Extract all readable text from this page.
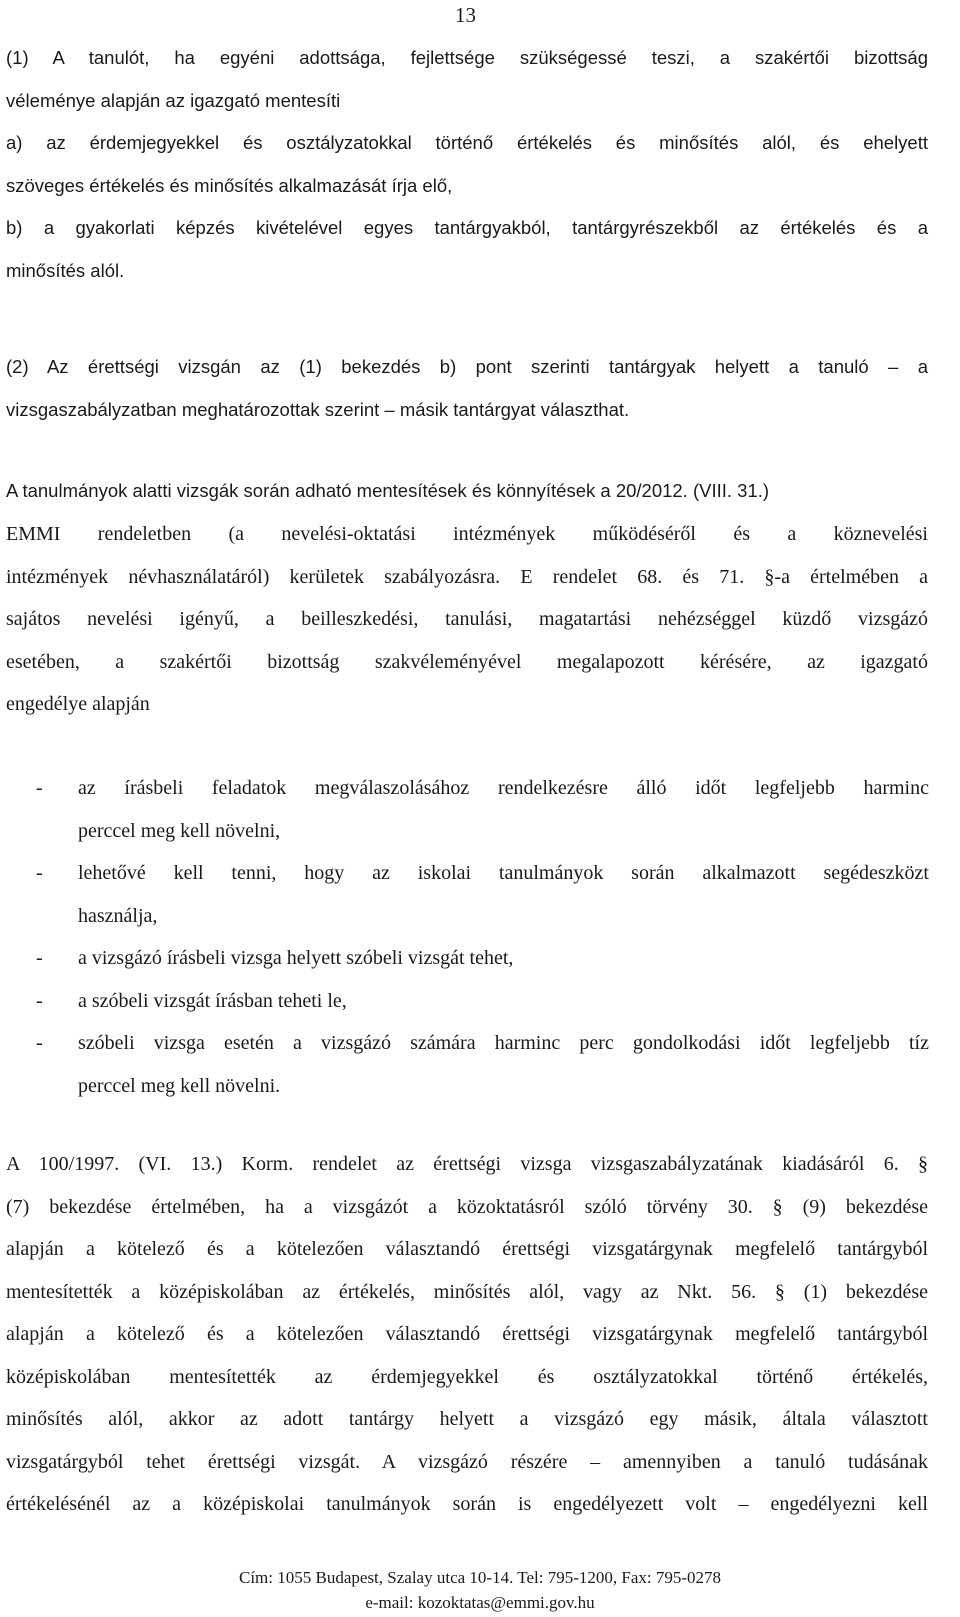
13
(1) A tanulót, ha egyéni adottsága, fejlettsége szükségessé teszi, a szakértői bizottság
véleménye alapján az igazgató mentesíti
a) az érdemjegyekkel és osztályzatokkal történő értékelés és minősítés alól, és ehelyett
szöveges értékelés és minősítés alkalmazását írja elő,
b) a gyakorlati képzés kivételével egyes tantárgyakból, tantárgyrészekből az értékelés és a
minősítés alól.
(2) Az érettségi vizsgán az (1) bekezdés b) pont szerinti tantárgyak helyett a tanuló – a
vizsgaszabályzatban meghatározottak szerint – másik tantárgyat választhat.
A tanulmányok alatti vizsgák során adható mentesítések és könnyítések a 20/2012. (VIII. 31.)
EMMI rendeletben (a nevelési-oktatási intézmények működéséről és a köznevelési
intézmények névhasználatáról) kerületek szabályozásra. E rendelet 68. és 71. §-a értelmében a
sajátos nevelési igényű, a beilleszkedési, tanulási, magatartási nehézséggel küzdő vizsgázó
esetében, a szakértői bizottság szakvéleményével megalapozott kérésére, az igazgató
engedélye alapján
- az írásbeli feladatok megválaszolásához rendelkezésre álló időt legfeljebb harminc
perccel meg kell növelni,
- lehetővé kell tenni, hogy az iskolai tanulmányok során alkalmazott segédeszközt
használja,
- a vizsgázó írásbeli vizsga helyett szóbeli vizsgát tehet,
- a szóbeli vizsgát írásban teheti le,
- szóbeli vizsga esetén a vizsgázó számára harminc perc gondolkodási időt legfeljebb tíz
perccel meg kell növelni.
A 100/1997. (VI. 13.) Korm. rendelet az érettségi vizsga vizsgaszabályzatának kiadásáról 6. §
(7) bekezdése értelmében, ha a vizsgázót a közoktatásról szóló törvény 30. § (9) bekezdése
alapján a kötelező és a kötelezően választandó érettségi vizsgatárgynak megfelelő tantárgyból
mentesítették a középiskolában az értékelés, minősítés alól, vagy az Nkt. 56. § (1) bekezdése
alapján a kötelező és a kötelezően választandó érettségi vizsgatárgynak megfelelő tantárgyból
középiskolában mentesítették az érdemjegyekkel és osztályzatokkal történő értékelés,
minősítés alól, akkor az adott tantárgy helyett a vizsgázó egy másik, általa választott
vizsgatárgyból tehet érettségi vizsgát. A vizsgázó részére – amennyiben a tanuló tudásának
értékelésénél az a középiskolai tanulmányok során is engedélyezett volt – engedélyezni kell
Cím: 1055 Budapest, Szalay utca 10-14. Tel: 795-1200, Fax: 795-0278
e-mail: kozoktatas@emmi.gov.hu
